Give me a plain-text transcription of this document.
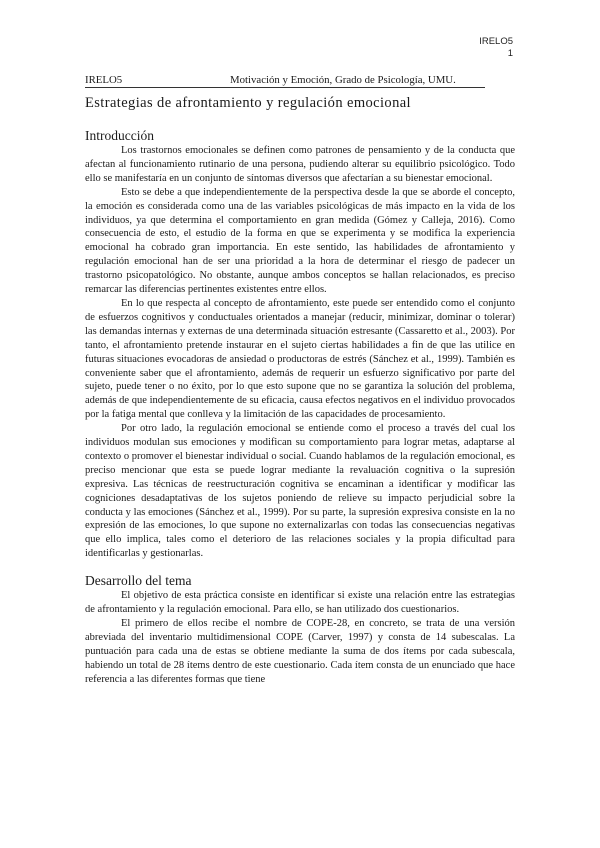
IRELO5
1
IRELO5	Motivación y Emoción, Grado de Psicología, UMU.
Estrategias de afrontamiento y regulación emocional
Introducción

Los trastornos emocionales se definen como patrones de pensamiento y de la conducta que afectan al funcionamiento rutinario de una persona, pudiendo alterar su equilibrio psicológico. Todo ello se manifestaría en un conjunto de síntomas diversos que afectarían a su bienestar emocional.

Esto se debe a que independientemente de la perspectiva desde la que se aborde el concepto, la emoción es considerada como una de las variables psicológicas de más impacto en la vida de los individuos, ya que determina el comportamiento en gran medida (Gómez y Calleja, 2016). Como consecuencia de esto, el estudio de la forma en que se experimenta y se modifica la experiencia emocional ha cobrado gran importancia. En este sentido, las habilidades de afrontamiento y regulación emocional han de ser una prioridad a la hora de determinar el riesgo de padecer un trastorno psicopatológico. No obstante, aunque ambos conceptos se hallan relacionados, es preciso remarcar las diferencias pertinentes existentes entre ellos.

En lo que respecta al concepto de afrontamiento, este puede ser entendido como el conjunto de esfuerzos cognitivos y conductuales orientados a manejar (reducir, minimizar, dominar o tolerar) las demandas internas y externas de una determinada situación estresante (Cassaretto et al., 2003). Por tanto, el afrontamiento pretende instaurar en el sujeto ciertas habilidades a fin de que las utilice en futuras situaciones evocadoras de ansiedad o productoras de estrés (Sánchez et al., 1999). También es conveniente saber que el afrontamiento, además de requerir un esfuerzo significativo por parte del sujeto, puede tener o no éxito, por lo que esto supone que no se garantiza la solución del problema, además de que independientemente de su eficacia, causa efectos negativos en el individuo provocados por la fatiga mental que conlleva y la limitación de las capacidades de procesamiento.

Por otro lado, la regulación emocional se entiende como el proceso a través del cual los individuos modulan sus emociones y modifican su comportamiento para lograr metas, adaptarse al contexto o promover el bienestar individual o social. Cuando hablamos de la regulación emocional, es preciso mencionar que esta se puede lograr mediante la revaluación cognitiva o la supresión expresiva. Las técnicas de reestructuración cognitiva se encaminan a identificar y modificar las cogniciones desadaptativas de los sujetos poniendo de relieve su impacto perjudicial sobre la conducta y las emociones (Sánchez et al., 1999). Por su parte, la supresión expresiva consiste en la no expresión de las emociones, lo que supone no externalizarlas con todas las consecuencias negativas que ello implica, tales como el deterioro de las relaciones sociales y la propia dificultad para identificarlas y gestionarlas.

Desarrollo del tema

El objetivo de esta práctica consiste en identificar si existe una relación entre las estrategias de afrontamiento y la regulación emocional. Para ello, se han utilizado dos cuestionarios.

El primero de ellos recibe el nombre de COPE-28, en concreto, se trata de una versión abreviada del inventario multidimensional COPE (Carver, 1997) y consta de 14 subescalas. La puntuación para cada una de estas se obtiene mediante la suma de dos ítems por cada subescala, habiendo un total de 28 ítems dentro de este cuestionario. Cada ítem consta de un enunciado que hace referencia a las diferentes formas que tiene
